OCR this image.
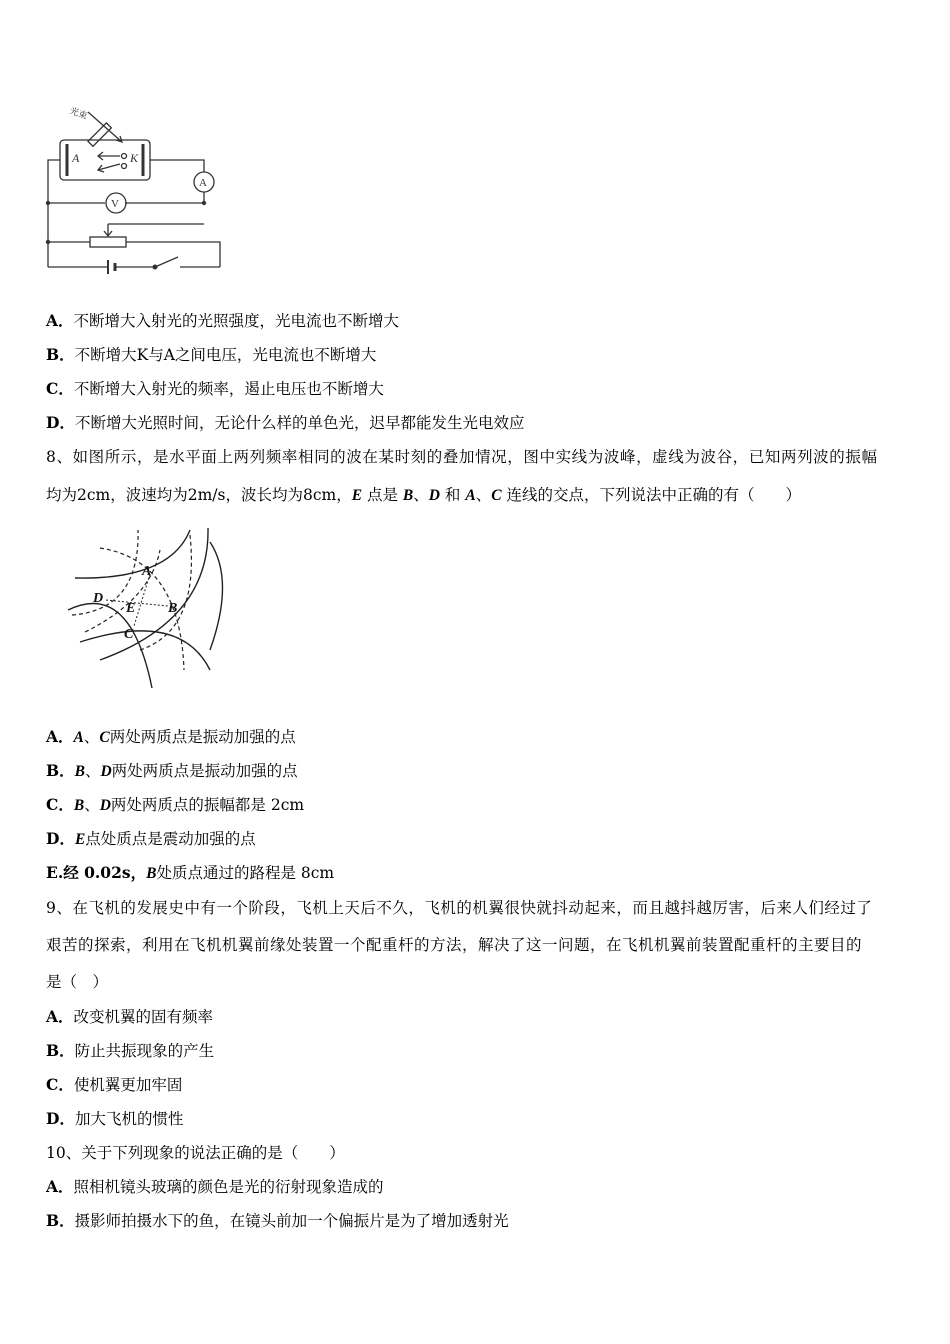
光束
A	K
A
V
A．不断增大入射光的光照强度，光电流也不断增大
B．不断增大K与A之间电压，光电流也不断增大
C．不断增大入射光的频率，遏止电压也不断增大
D．不断增大光照时间，无论什么样的单色光，迟早都能发生光电效应
8、如图所示，是水平面上两列频率相同的波在某时刻的叠加情况，图中实线为波峰，虚线为波谷，已知两列波的振幅
均为2cm，波速均为2m/s，波长均为8cm，E 点是 B、D 和 A、C 连线的交点，下列说法中正确的有（　　）
A
B
C
D
E
A．A、C两处两质点是振动加强的点
B．B、D两处两质点是振动加强的点
C．B、D两处两质点的振幅都是 2cm
D．E点处质点是震动加强的点
E.经 0.02s，B处质点通过的路程是 8cm
9、在飞机的发展史中有一个阶段，飞机上天后不久，飞机的机翼很快就抖动起来，而且越抖越厉害，后来人们经过了
艰苦的探索，利用在飞机机翼前缘处装置一个配重杆的方法，解决了这一问题，在飞机机翼前装置配重杆的主要目的
是（　）
A．改变机翼的固有频率
B．防止共振现象的产生
C．使机翼更加牢固
D．加大飞机的惯性
10、关于下列现象的说法正确的是（　　）
A．照相机镜头玻璃的颜色是光的衍射现象造成的
B．摄影师拍摄水下的鱼，在镜头前加一个偏振片是为了增加透射光
